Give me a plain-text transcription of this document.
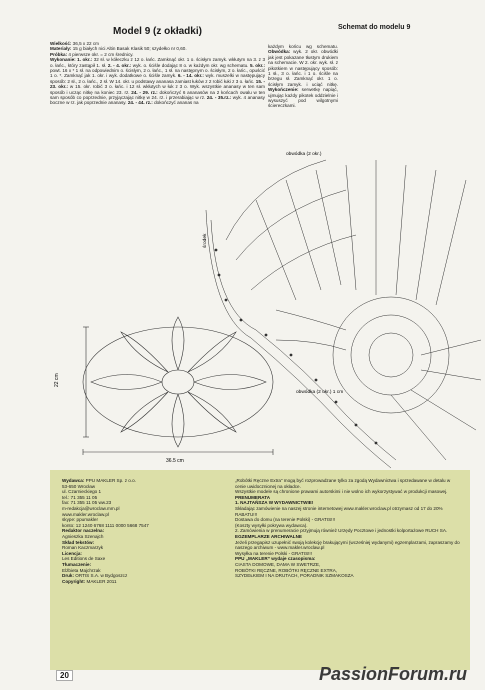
Model 9 (z okładki)
Wielkość: 36,5 x 22 cm
Materiały: 15 g białych nici Altin Basak Klasik 50; szydełko nr 0,60.
Próbka: 4 pierwsze okr. = 2 cm średnicy.
Wykonanie: 1. okr.: 32 sł. w kółeczku z 12 o. łańc. Zamknąć okr. 1 o. ścisłym zamyk. wkłutym na 3. z 3 o. łańc., który zastąpił 1. sł. 2. - 4. okr.: wyk. o. ściśle dodając 8 o. w każdym okr. wg schematu. 5. okr.: powt. 16 x * 1 sł. na odpowiednim o. ścisłym, 2 o. łańc., 1 sł. na następnym o. ścisłym, 2 o. łańc., opuścić 1 o. *. Zamknąć jak 1. okr. i wyk. dodatkowe o. ściśle zamyk. 6. - 14. okr.: wyk. muszelki w następujący sposób: 2 sł., 2 o. łańc., 2 sł. W 14. okr. u podstawy ananasa zamiast łuków z 2 robić łuki z 3 o. łańc. 15. - 23. okr.: w 15. okr. robić 3 o. łańc. i 12 sł. wkłutych w łuk z 3 o. Wyk. wszystkie ananasy w ten sam sposób i ucząc nitkę na koniec 23. rz. 24. - 29. rz.: dokończyć 6 ananasów na 2 końcach owalu w ten sam sposób co poprzednie, przyjączając nitkę w 24. rz. i przerabiając w rz. 24. - 35.rz.: wyk. 4 ananasy boczne w rz. jak poprzednie ananasy. 24. - 44. rz.: dokończyć ananas na
każdym końcu wg schematu. Obwódka: wyk. 2 okr. obwódki jak jest pokazane tłustym drukiem na schemacie. W 2. okr. wyk. sł. z pikotkiem w następujący sposób: 1 sł., 3 o. łańc. i 1 o. ściśle na brzegu sł. Zamknąć okr. 1 o. ścisłym zamyk. i uciąć nitkę. Wykończenie: serwetkę napiąć, ujmując każdy pikotek oddzielnie i wysuszyć pod wilgotnymi ściereczkami.
Schemat do modelu 9
obwódka (2 okr.)
środek
obwódka (2 okr.) 1 cm
22 cm
36,5 cm
Wydawca: PPU MAKLER Sp. z o.o.
53-650 Wrocław
ul. Czarnieckiego 1
tel.: 71 355 11 05
fax: 71 355 11 05 ww.23
m-redakcja@wroclaw.mm.pl
www.makler.wroclaw.pl
skype: ppumakler
konto: 12 1240 6768 1111 0000 5668 7547
Redaktor naczelna:
Agnieszka Szenajch
Skład tekstów:
Roman Kaczmarzyk
Licencja:
Les Editions de Saxe
Tłumaczenie:
Elżbieta Majchrzak
Druk: ORTIS S.A. w Bydgoszcz
Copyright: MAKLER 2011
„Robótki Ręczne Extra” mogą być rozprowadzane tylko za zgodą Wydawnictwa i sprzedawane w detalu w cenie uwidocznionej na okładce.
Wszystkie modele są chronione prawami autorskimi i nie wolno ich wykorzystywać w produkcji masowej.
PRENUMERATA
1. NAJTAŃSZA W WYDAWNICTWIE!
Składając zamówienie na naszej stronie internetowej www.makler.wroclaw.pl otrzymasz od 17 do 20% RABATU!!!
Dostawa do domu (na terenie Polski) - GRATIS!!!
(Koszty wysyłki pokrywa wydawca).
2. Zamówienia w prenumeracie przyjmują również Urzędy Pocztowe i jednostki kolportażowe RUCH SA.
EGZEMPLARZE ARCHIWALNE
Jeżeli przegapisz uzupełnić swoją kolekcję brakującymi (wcześniej wydanymi) egzemplarzami, zapraszamy do naszego archiwum - www.makler.wroclaw.pl
Wysyłka na terenie Polski - GRATIS!!!
PPU „MAKLER” wydaje czasopisma:
CIASTA DOMOWE, DAMA W SWETRZE,
ROBÓTKI RĘCZNE, ROBÓTKI RĘCZNE EXTRA,
SZYDEŁKIEM I NA DRUTACH, PORADNIK SZMAKOSZA
20	PassionForum.ru
